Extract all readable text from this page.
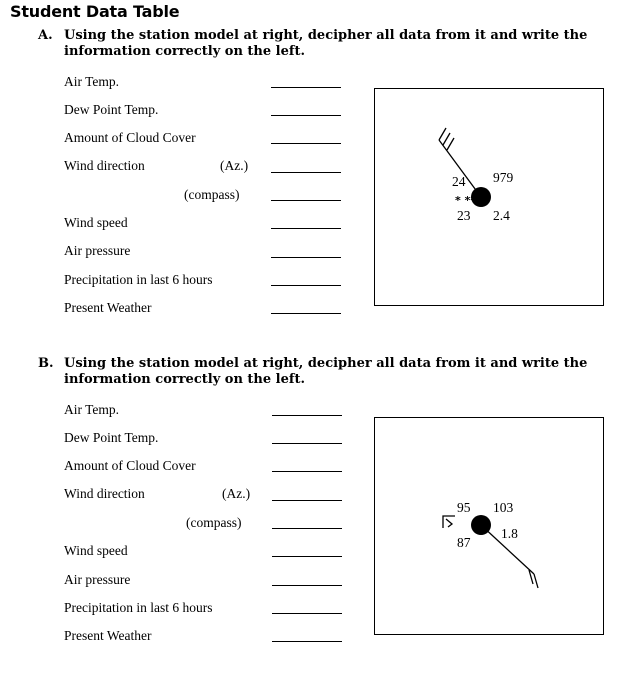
Student Data Table
A. Using the station model at right, decipher all data from it and write the information correctly on the left.
Air Temp.
Dew Point Temp.
Amount of Cloud Cover
Wind direction	(Az.)
(compass)
Wind speed
Air pressure
Precipitation in last 6 hours
Present Weather
B. Using the station model at right, decipher all data from it and write the information correctly on the left.
Air Temp.
Dew Point Temp.
Amount of Cloud Cover
Wind direction	(Az.)
(compass)
Wind speed
Air pressure
Precipitation in last 6 hours
Present Weather
24 979
* **
23 2.4
95 103
87
1.8
